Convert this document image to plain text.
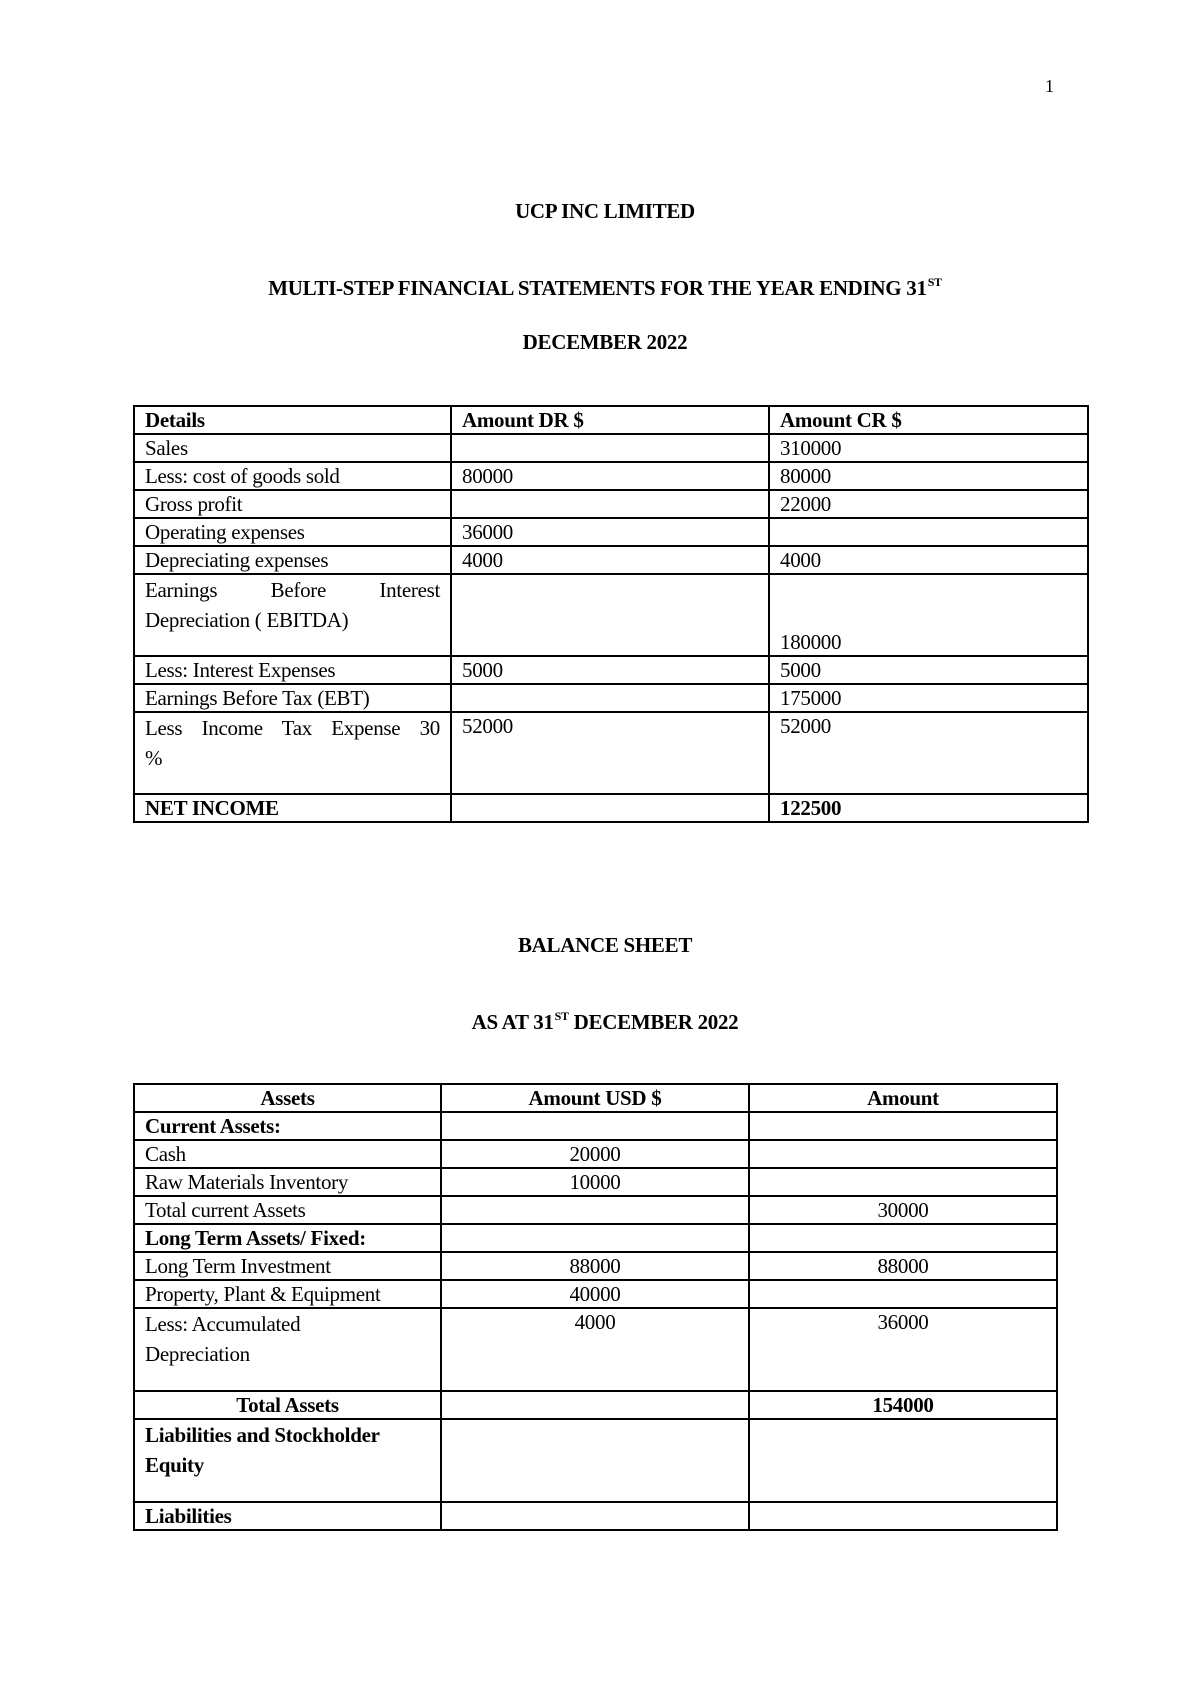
1
UCP INC LIMITED
MULTI-STEP FINANCIAL STATEMENTS FOR THE YEAR ENDING 31ST
DECEMBER 2022
Details	Amount DR $	Amount CR $
Sales		310000
Less: cost of goods sold	80000	80000
Gross profit		22000
Operating expenses	36000	
Depreciating expenses	4000	4000

Earnings Before Interest
Depreciation ( EBITDA)		180000
Less: Interest Expenses	5000	5000
Earnings Before Tax (EBT)		175000

Less Income Tax Expense 30
%	52000	52000
NET INCOME		122500
BALANCE SHEET
AS AT 31ST DECEMBER 2022
Assets	Amount USD $	Amount
Current Assets:		
Cash	20000	
Raw Materials Inventory	10000	
Total current Assets		30000
Long Term Assets/ Fixed:		
Long Term Investment	88000	88000
Property, Plant & Equipment	40000	

Less: Accumulated
Depreciation	4000	36000
Total Assets		154000

Liabilities and Stockholder
Equity		

Liabilities		
